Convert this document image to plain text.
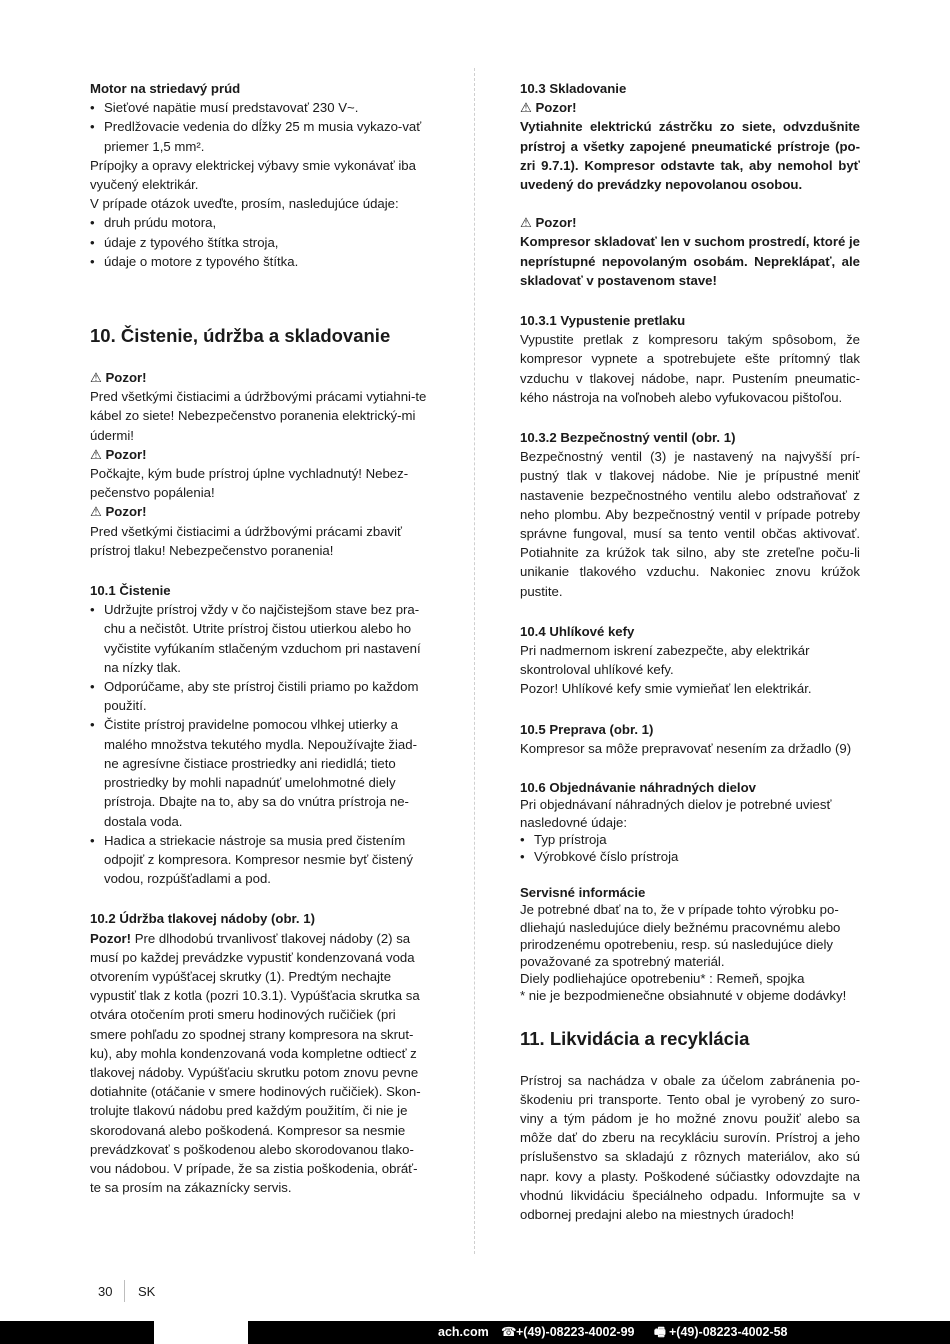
Motor na striedavý prúd

• Sieťové napätie musí predstavovať 230 V~.
• Predlžovacie vedenia do dĺžky 25 m musia vykazo-vať priemer 1,5 mm².

Prípojky a opravy elektrickej výbavy smie vykonávať iba vyučený elektrikár.

V prípade otázok uveďte, prosím, nasledujúce údaje:

• druh prúdu motora,
• údaje z typového štítka stroja,
• údaje o motore z typového štítka.

10. Čistenie, údržba a skladovanie

⚠ Pozor!

Pred všetkými čistiacimi a údržbovými prácami vytiahni-te kábel zo siete! Nebezpečenstvo poranenia elektrický-mi údermi!

⚠ Pozor!

Počkajte, kým bude prístroj úplne vychladnutý! Nebez-pečenstvo popálenia!

⚠ Pozor!

Pred všetkými čistiacimi a údržbovými prácami zbaviť prístroj tlaku! Nebezpečenstvo poranenia!

10.1 Čistenie

• Udržujte prístroj vždy v čo najčistejšom stave bez pra-chu a nečistôt. Utrite prístroj čistou utierkou alebo ho vyčistite vyfúkaním stlačeným vzduchom pri nastavení na nízky tlak.
• Odporúčame, aby ste prístroj čistili priamo po každom použití.
• Čistite prístroj pravidelne pomocou vlhkej utierky a malého množstva tekutého mydla. Nepoužívajte žiad-ne agresívne čistiace prostriedky ani riedidlá; tieto prostriedky by mohli napadnúť umelohmotné diely prístroja. Dbajte na to, aby sa do vnútra prístroja ne-dostala voda.
• Hadica a striekacie nástroje sa musia pred čistením odpojiť z kompresora. Kompresor nesmie byť čistený vodou, rozpúšťadlami a pod.

10.2 Údržba tlakovej nádoby (obr. 1)

Pozor! Pre dlhodobú trvanlivosť tlakovej nádoby (2) sa musí po každej prevádzke vypustiť kondenzovaná voda otvorením vypúšťacej skrutky (1). Predtým nechajte vypustiť tlak z kotla (pozri 10.3.1). Vypúšťacia skrutka sa otvára otočením proti smeru hodinových ručičiek (pri smere pohľadu zo spodnej strany kompresora na skrut-ku), aby mohla kondenzovaná voda kompletne odtiecť z tlakovej nádoby. Vypúšťaciu skrutku potom znovu pevne dotiahnite (otáčanie v smere hodinových ručičiek). Skon-trolujte tlakovú nádobu pred každým použitím, či nie je skorodovaná alebo poškodená. Kompresor sa nesmie prevádzkovať s poškodenou alebo skorodovanou tlako-vou nádobou. V prípade, že sa zistia poškodenia, obráť-te sa prosím na zákaznícky servis.

10.3 Skladovanie

⚠ Pozor!

Vytiahnite elektrickú zástrčku zo siete, odvzdušnite prístroj a všetky zapojené pneumatické prístroje (po-zri 9.7.1). Kompresor odstavte tak, aby nemohol byť uvedený do prevádzky nepovolanou osobou.

⚠ Pozor!

Kompresor skladovať len v suchom prostredí, ktoré je neprístupné nepovolaným osobám. Nepreklápať, ale skladovať v postavenom stave!

10.3.1 Vypustenie pretlaku

Vypustite pretlak z kompresoru takým spôsobom, že kompresor vypnete a spotrebujete ešte prítomný tlak vzduchu v tlakovej nádobe, napr. Pustením pneumatic-kého nástroja na voľnobeh alebo vyfukovacou pištoľou.

10.3.2 Bezpečnostný ventil (obr. 1)

Bezpečnostný ventil (3) je nastavený na najvyšší prí-pustný tlak v tlakovej nádobe. Nie je prípustné meniť nastavenie bezpečnostného ventilu alebo odstraňovať z neho plombu. Aby bezpečnostný ventil v prípade potreby správne fungoval, musí sa tento ventil občas aktivovať. Potiahnite za krúžok tak silno, aby ste zreteľne poču-li unikanie tlakového vzduchu. Nakoniec znovu krúžok pustite.

10.4 Uhlíkové kefy

Pri nadmernom iskrení zabezpečte, aby elektrikár skontroloval uhlíkové kefy.

Pozor! Uhlíkové kefy smie vymieňať len elektrikár.

10.5 Preprava (obr. 1)

Kompresor sa môže prepravovať nesením za držadlo (9)

10.6 Objednávanie náhradných dielov

Pri objednávaní náhradných dielov je potrebné uviesť nasledovné údaje:

• Typ prístroja
• Výrobkové číslo prístroja

Servisné informácie

Je potrebné dbať na to, že v prípade tohto výrobku po-dliehajú nasledujúce diely bežnému pracovnému alebo prirodzenému opotrebeniu, resp. sú nasledujúce diely považované za spotrebný materiál.

Diely podliehajúce opotrebeniu* : Remeň, spojka

* nie je bezpodmienečne obsiahnuté v objeme dodávky!

11. Likvidácia a recyklácia

Prístroj sa nachádza v obale za účelom zabránenia po-škodeniu pri transporte. Tento obal je vyrobený zo suro-viny a tým pádom je ho možné znovu použiť alebo sa môže dať do zberu na recykláciu surovín. Prístroj a jeho príslušenstvo sa skladajú z rôznych materiálov, ako sú napr. kovy a plasty. Poškodené súčiastky odovzdajte na vhodnú likvidáciu špeciálneho odpadu. Informujte sa v odbornej predajni alebo na miestnych úradoch!

30 SK
ach.com ☎ +(49)-08223-4002-99 🖷 +(49)-08223-4002-58
